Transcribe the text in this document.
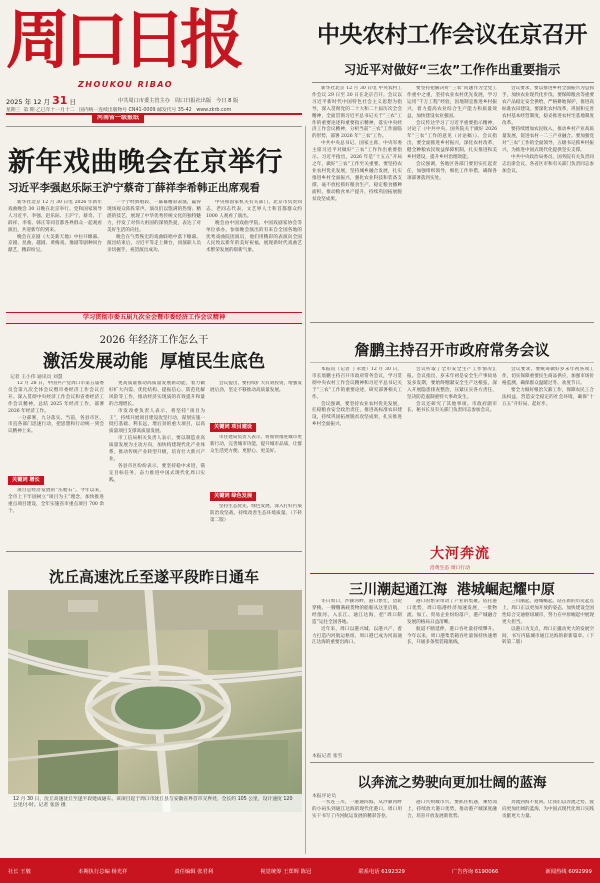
周口日报
ZHOUKOU RIBAO
2025 年 12 月 31 日	中共周口市委主管主办 周口日报社出版 今日 8 版
星期三 第 期 乙巳年十一月十二 国内统一连续出版物号 CN41-0009 邮发代号 35-42 www.zkrb.com
河南省一级报纸
中央农村工作会议在京召开
习近平对做好“三农”工作作出重要指示

新华社北京 12 月 30 日电 中央农村工作会议 29 日至 30 日在北京召开。会议以习近平新时代中国特色社会主义思想为指导，深入贯彻党的二十大和二十届历次全会精神，全面贯彻习近平总书记关于“三农”工作的重要论述和重要指示精神，落实中央经济工作会议精神，分析当前“三农”工作面临的形势，部署 2026 年“三农”工作。

中共中央总书记、国家主席、中央军委主席习近平对做好“三农”工作作出重要指示。习近平指出，2026 年是“十五五”开局之年，做好“三农”工作至关重要。要坚持农业农村优先发展，坚持城乡融合发展，扎实推进乡村全面振兴，强化农业科技和装备支撑，毫不放松抓好粮食生产，稳定粮食播种面积，推动粮食单产提升，持续巩固拓展脱贫攻坚成果。

要坚持把解决好“三农”问题作为全党工作重中之重，坚持农业农村优先发展，学习运用“千万工程”经验，因地制宜推进乡村振兴，着力提高农业综合生产能力和质量效益，加快建设农业强国。

会议传达学习了习近平重要指示精神，讨论了《中共中央、国务院关于做好 2026 年“三农”工作的意见（讨论稿）》。会议指出，要全面推进乡村振兴，深化农村改革，健全种粮农民收益保障机制，扎实推进和美乡村建设，提升乡村治理效能。

会议强调，各地区各部门要切实扛起责任，加强组织领导，细化工作举措，确保各项部署落到实处。

会议要求，要以推进乡村全面振兴为总抓手，加快农业现代化步伐。要保障粮食等重要农产品稳定安全供给，严格耕地保护，推进高标准农田建设。要深化农村改革，巩固和完善农村基本经营制度，稳妥推进农村宅基地制度改革。

要持续增加农民收入，推动乡村产业高质量发展，促进农村一二三产业融合。要加强党对“三农”工作的全面领导，五级书记抓乡村振兴，为推进中国式现代化提供坚实支撑。

中共中央政治局委员、国务院有关负责同志出席会议。各省区市和有关部门负责同志参加会议。

新年戏曲晚会在京举行
习近平李强赵乐际王沪宁蔡奇丁薛祥李希韩正出席观看

新华社北京 12 月 30 日电 2026 年新年戏曲晚会 30 日晚在北京举行。党和国家领导人习近平、李强、赵乐际、王沪宁、蔡奇、丁薛祥、李希、韩正等同首都各界群众一起观看演出，共迎新年的到来。

晚会在京剧《大美新天地》中拉开帷幕。京剧、昆曲、越剧、黄梅戏、豫剧等剧种同台献艺，精彩纷呈。

一个个经典唱段、一幕幕精彩表演，赢得现场观众阵阵掌声。演员们以饱满的热情、精湛的技艺，展现了中华优秀传统文化的独特魅力，抒发了对伟大祖国的深情热爱，表达了对美好生活的向往。

晚会在气势恢宏的戏曲联唱中落下帷幕。演出结束后，习近平等走上舞台，同演职人员亲切握手，祝贺演出成功。

中央和国家机关有关部门、北京市负责同志，老同志代表，文艺界人士和首都群众约 1000 人观看了演出。

晚会由中国戏曲学院、中国戏剧家协会等单位承办。参加晚会演出的有来自全国各地的优秀戏曲院团演员，他们用精彩的表演向全国人民致以新年的美好祝福，展现新时代戏曲艺术繁荣发展的崭新气象。

学习贯彻市委五届九次全会暨市委经济工作会议精神
2026 年经济工作怎么干
激活发展动能  厚植民生底色
记者 王小伟 通讯员 刘慧

12 月 28 日，中国共产党周口市第五届委员会第九次全体会议暨市委经济工作会议召开。深入贯彻中央经济工作会议和省委经济工作会议精神，总结 2025 年经济工作，部署 2026 年经济工作。

一分部署，九分落实。当前，各县市区、市直各部门迅速行动，把思想和行动统一到会议精神上来。

关键词 增长

项目是经济发展的“压舱石”。今年以来，全市上下牢固树立“项目为王”理念，加快推进重点项目建设，全年实施省市重点项目 700 余个。

更高质量推动高质量发展新动能，着力做好扩大内需、优化结构、提振信心、防范化解风险等工作，推动经济实现质的有效提升和量的合理增长。

市发改委负责人表示，将坚持“项目为王”，持续开展项目建设攻坚行动，谋划实施一批打基础、利长远、增后劲的重大项目，以高质量项目支撑高质量发展。

市工信局相关负责人表示，要以制造业高质量发展为主攻方向，加快构建现代化产业体系，推动传统产业转型升级，培育壮大新兴产业。

各县市区纷纷表示，要坚持稳中求进，锚定目标任务，奋力推进中国式现代化周口实践。

关键词 项目建设

会议提出，要持续扩大有效投资，增强发展后劲，坚定不移推动高质量发展。

市住建局负责人表示，将加快推进城市更新行动，完善城市功能，提升城市品质，让群众生活更方便、更舒心、更美好。

关键词 绿色发展

坚持生态优先、绿色发展，深入打好污染防治攻坚战，持续改善生态环境质量。（下转第二版）

詹鹏主持召开市政府常务会议

本报讯（记者 丁永建）12 月 30 日，市长詹鹏主持召开市政府常务会议，学习贯彻中央农村工作会议精神和习近平总书记关于“三农”工作的重要论述，研究部署相关工作。

会议强调，要坚持农业农村优先发展，扛稳粮食安全政治责任，推进高标准农田建设，持续巩固拓展脱贫攻坚成果，扎实推进乡村全面振兴。

会议听取了全市安全生产工作情况汇报。会议指出，岁末年初是安全生产事故易发多发期，要始终绷紧安全生产这根弦，深入开展隐患排查整治，压紧压实各方责任，坚决防范遏制重特大事故发生。

会议还研究了其他事项。市政府副市长、秘书长及有关部门负责同志参加会议。

会议要求，要统筹做好岁末年初各项工作，切实保障重要民生商品供应，加强市场价格监测，确保群众温暖过冬、欢度节日。

要全力做好根治欠薪工作，保障农民工合法权益，营造安全稳定的社会环境，确保“十五五”开好局、起好步。

沈丘高速沈丘至遂平段昨日通车
12 月 30 日，沈丘高速沈丘至遂平段建成通车。该项目起于周口市沈丘县与安徽省界首市交界处，全长约 105 公里，设计速度 120 公里/小时。记者 张洛 摄
大河奔流
沿黄生态 周口行动
三川潮起通江海  港城崛起耀中原

冬日周口，沙颍河畔，港口繁忙，货轮穿梭。一艘艘满载货物的船舶从这里启航，经淮河、入长江、通江达海，把“周口制造”运往全国各地。

近年来，周口以港兴城、以港兴产，着力打造内河航运枢纽，周口港已成为河南通江达海的重要出海口。

港口的繁荣带动了产业的集聚。依托港口优势，周口临港经济加速发展，一批物流、加工、贸易企业纷纷落户，港产城融合发展的格局日益清晰。

航道不断延伸，港口吞吐量持续攀升。今年以来，周口港集装箱吞吐量保持快速增长，开通多条集装箱航线。

三川潮起，港城崛起。站在新的历史起点上，周口正以更加开放的姿态，加快建设全国性综合交通枢纽城市，努力在中原崛起中展现更大担当。

以港口为支点，周口正撬动更大的发展空间，书写内陆城市通江达海的崭新篇章。（下转第二版）

本报记者 张雪
以奔流之势驶向更加壮阔的蓝海
本报评论员

一水连三川，一港通四海。从沙颍河畔的小码头到通江达海的现代化港口，周口用实干书写了内河航运发展的精彩答卷。

港口兴则城市兴。要抓住机遇，乘势而上，持续放大港口优势，推动港产城深度融合，培育开放发展新优势。

奔流到海不复回。让我们以奔流之势，驶向更加壮阔的蓝海，为中国式现代化周口实践贡献更大力量。

社长 王敬	本期执行总编 杨光祥	责任编辑 张君利	视觉统筹 王郑辉 陈冠	联系电话 6192329	广告咨询 6190066	新闻热线 6092999
